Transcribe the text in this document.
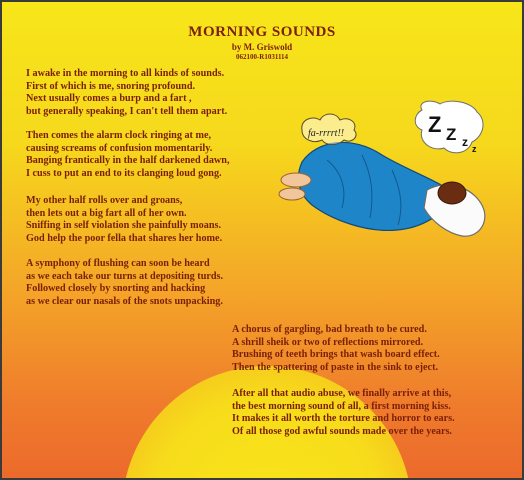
MORNING SOUNDS
by M. Griswold
062100-R1031114
I awake in the morning to all kinds of sounds.
First of which is me, snoring profound.
Next usually comes a burp and a fart ,
but generally speaking, I can't tell them apart.
Then comes the alarm clock ringing at me,
causing screams of confusion momentarily.
Banging frantically in the half darkened dawn,
I cuss to put an end to its clanging loud gong.
My other half rolls over and groans,
then lets out a big fart all of her own.
Sniffing in self violation she painfully moans.
God help the poor fella that shares her home.
A symphony of flushing can soon be heard
as we each take our turns at depositing turds.
Followed closely by snorting and hacking
as we clear our nasals of the snots unpacking.
A chorus of gargling, bad breath to be cured.
A shrill sheik or two of reflections mirrored.
Brushing of teeth brings that wash board effect.
Then the spattering of paste in the sink to eject.
After all that audio abuse, we finally arrive at this,
the best morning sound of all, a first morning kiss.
It makes it all worth the torture and horror to ears.
Of all those god awful sounds made over the years.
fa-rrrrt!!	Z Z z z
